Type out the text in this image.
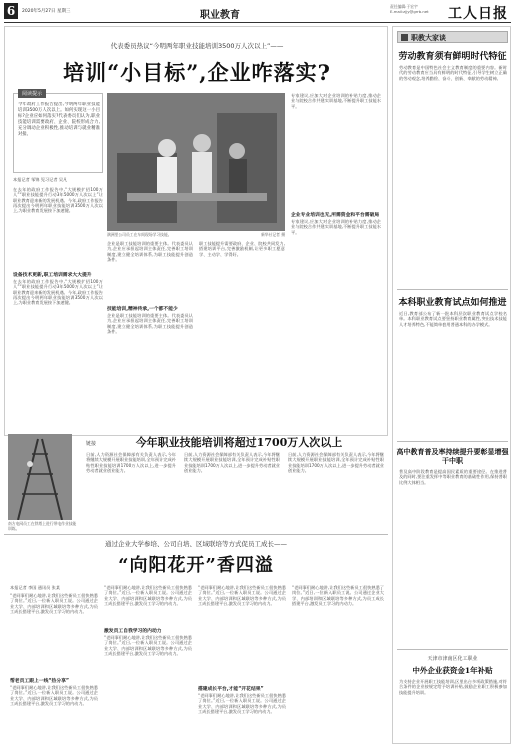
6	2020年5月27日 星期三	职业教育
责任编辑:于宏宇
E-mail:zjjy@grrb.net 工人日报
代表委员热议“今明两年职业技能培训3500万人次以上”——
培训“小目标”,企业咋落实?
阅读提示
今年政府工作报告提出,今明两年职业技能培训3500万人次以上。如何实现这一小目标?企业应如何落实?代表委员们认为,职业技能培训需要政府、企业、院校形成合力,充分调动企业积极性,推动培训与就业精准对接。
本报记者 邹锦 见习记者 吴凡
在去年的政府工作报告中,“大规模扩招100万人”“职业技能提升行动3年5000万人次以上”让职业教育迎来新的发展机遇。今年,政府工作报告再次提出今明两年职业技能培训3500万人次以上,为职业教育发展按下加速键。
设备技术更新,职工培训需求大大提升
在去年的政府工作报告中,“大规模扩招100万人”“职业技能提升行动3年5000万人次以上”让职业教育迎来新的发展机遇。今年,政府工作报告再次提出今明两年职业技能培训3500万人次以上,为职业教育发展按下加速键。
满洲里公司员工在车间现场学习技能。	新华社记者 摄
企业是职工技能培训的重要主体。代表委员认为,企业应承担起培训主体责任,完善职工培训制度,建立健全培训体系,为职工技能提升创造条件。
技能培训,精神传承,一个都不能少
企业是职工技能培训的重要主体。代表委员认为,企业应承担起培训主体责任,完善职工培训制度,建立健全培训体系,为职工技能提升创造条件。
职工技能提升需要政府、企业、院校共同发力,搭建培训平台,完善激励机制,让更多职工愿意学、主动学、学得好。
专家建议,应加大对企业培训的补贴力度,推动企业与院校合作共建实训基地,不断提升职工技能水平。
企业专业培训也无,所需资金和平台需破局
专家建议,应加大对企业培训的补贴力度,推动企业与院校合作共建实训基地,不断提升职工技能水平。
南方电网员工在铁塔上进行带电作业技能训练。
链接	今年职业技能培训将超过1700万人次以上
日前,人力资源社会保障部有关负责人表示,今年将继续大规模开展职业技能培训,全年预计完成补贴性职业技能培训1700万人次以上,进一步提升劳动者就业创业能力。
日前,人力资源社会保障部有关负责人表示,今年将继续大规模开展职业技能培训,全年预计完成补贴性职业技能培训1700万人次以上,进一步提升劳动者就业创业能力。
日前,人力资源社会保障部有关负责人表示,今年将继续大规模开展职业技能培训,全年预计完成补贴性职业技能培训1700万人次以上,进一步提升劳动者就业创业能力。
通过企业大学参培、公司自培、区域联培等方式促员工成长——
“向阳花开”香四溢
本报记者 李国 通讯员 张某
“老同事们耐心地讲,让我们这些新员工很快熟悉了岗位。”近日,一位新入职员工说。公司通过企业大学、内部培训和区域联培等多种方式,为员工成长搭建平台,激发员工学习的内动力。
帮老员工跟上一线“热分享”
“老同事们耐心地讲,让我们这些新员工很快熟悉了岗位。”近日,一位新入职员工说。公司通过企业大学、内部培训和区域联培等多种方式,为员工成长搭建平台,激发员工学习的内动力。
“老同事们耐心地讲,让我们这些新员工很快熟悉了岗位。”近日,一位新入职员工说。公司通过企业大学、内部培训和区域联培等多种方式,为员工成长搭建平台,激发员工学习的内动力。
激发员工自我学习的内动力
“老同事们耐心地讲,让我们这些新员工很快熟悉了岗位。”近日,一位新入职员工说。公司通过企业大学、内部培训和区域联培等多种方式,为员工成长搭建平台,激发员工学习的内动力。
“老同事们耐心地讲,让我们这些新员工很快熟悉了岗位。”近日,一位新入职员工说。公司通过企业大学、内部培训和区域联培等多种方式,为员工成长搭建平台,激发员工学习的内动力。
搭建成长平台,才能“开花结果”
“老同事们耐心地讲,让我们这些新员工很快熟悉了岗位。”近日,一位新入职员工说。公司通过企业大学、内部培训和区域联培等多种方式,为员工成长搭建平台,激发员工学习的内动力。
“老同事们耐心地讲,让我们这些新员工很快熟悉了岗位。”近日,一位新入职员工说。公司通过企业大学、内部培训和区域联培等多种方式,为员工成长搭建平台,激发员工学习的内动力。
职教大家谈
劳动教育须有鲜明时代特征
劳动教育是中国特色社会主义教育制度的重要内容。新时代的劳动教育应当具有鲜明的时代特征,引导学生树立正确的劳动观念,培养勤俭、奋斗、创新、奉献的劳动精神。
本科职业教育试点如何推进
近日,教育部公布了新一批本科层次职业教育试点学校名单。本科职业教育试点要坚持职业教育属性,突出技术技能人才培养特色,不能简单套用普通本科的办学模式。
高中教育普及率持续提升要彰显增强干中职
普及高中阶段教育是提高国民素质的重要途径。在推进普及的同时,要注重发挥中等职业教育的基础性作用,保持普职比例大体相当。
天津市津南区化工职业
中外企业获资金1年补贴
为支持企业开展职工技能培训,区里出台多项政策措施,对符合条件的企业按规定给予培训补贴,鼓励企业职工积极参加技能提升培训。
